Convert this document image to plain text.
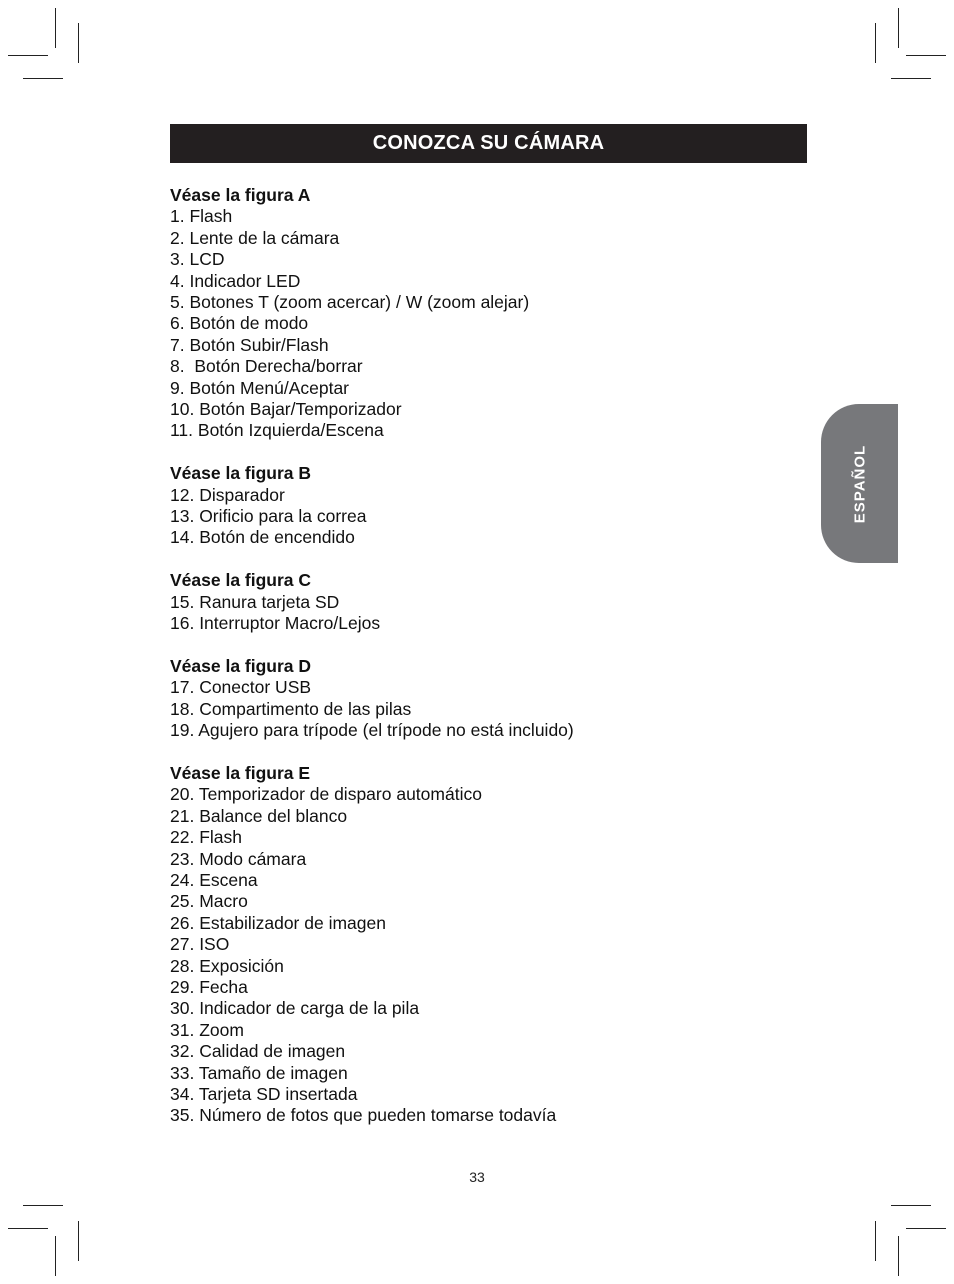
CONOZCA SU CÁMARA
Véase la figura A
1. Flash
2. Lente de la cámara
3. LCD
4. Indicador LED
5. Botones T (zoom acercar) / W (zoom alejar)
6. Botón de modo
7. Botón Subir/Flash
8.  Botón Derecha/borrar
9. Botón Menú/Aceptar
10. Botón Bajar/Temporizador
11. Botón Izquierda/Escena
Véase la figura B
12. Disparador
13. Orificio para la correa
14. Botón de encendido
Véase la figura C
15. Ranura tarjeta SD
16. Interruptor Macro/Lejos
Véase la figura D
17. Conector USB
18. Compartimento de las pilas
19. Agujero para trípode (el trípode no está incluido)
Véase la figura E
20. Temporizador de disparo automático
21. Balance del blanco
22. Flash
23. Modo cámara
24. Escena
25. Macro
26. Estabilizador de imagen
27. ISO
28. Exposición
29. Fecha
30. Indicador de carga de la pila
31. Zoom
32. Calidad de imagen
33. Tamaño de imagen
34. Tarjeta SD insertada
35. Número de fotos que pueden tomarse todavía
ESPAÑOL
33
